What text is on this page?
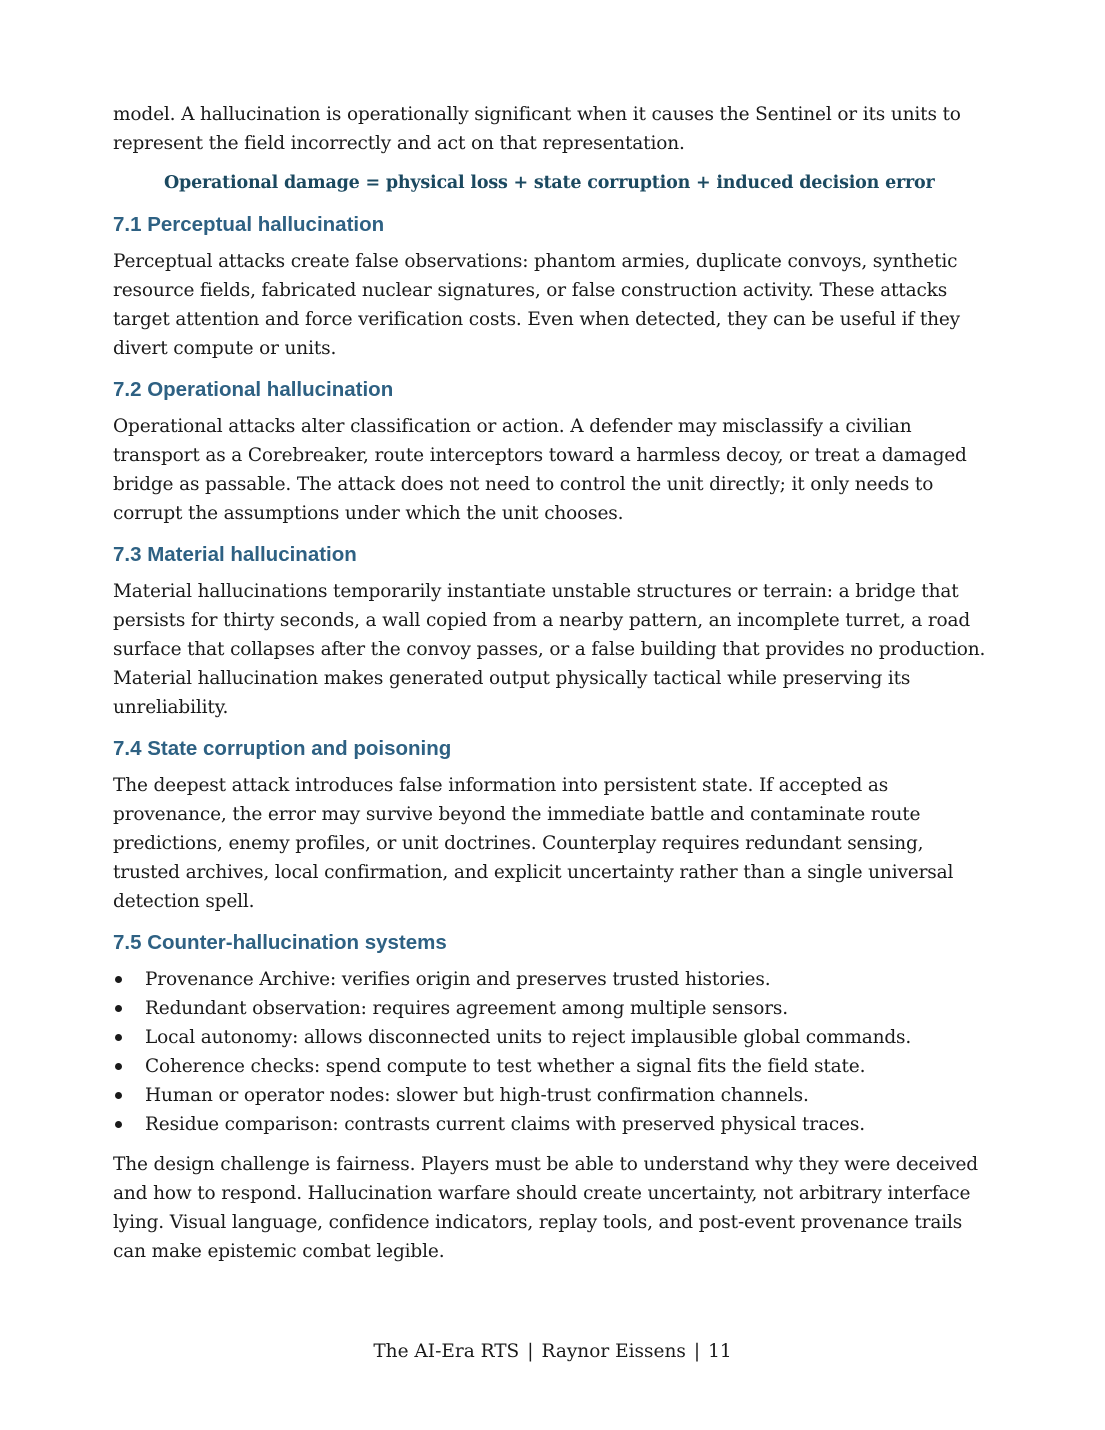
model. A hallucination is operationally significant when it causes the Sentinel or its units to represent the field incorrectly and act on that representation.

Operational damage = physical loss + state corruption + induced decision error
7.1 Perceptual hallucination

Perceptual attacks create false observations: phantom armies, duplicate convoys, synthetic resource fields, fabricated nuclear signatures, or false construction activity. These attacks target attention and force verification costs. Even when detected, they can be useful if they divert compute or units.

7.2 Operational hallucination

Operational attacks alter classification or action. A defender may misclassify a civilian transport as a Corebreaker, route interceptors toward a harmless decoy, or treat a damaged bridge as passable. The attack does not need to control the unit directly; it only needs to corrupt the assumptions under which the unit chooses.

7.3 Material hallucination

Material hallucinations temporarily instantiate unstable structures or terrain: a bridge that persists for thirty seconds, a wall copied from a nearby pattern, an incomplete turret, a road surface that collapses after the convoy passes, or a false building that provides no production. Material hallucination makes generated output physically tactical while preserving its unreliability.

7.4 State corruption and poisoning

The deepest attack introduces false information into persistent state. If accepted as provenance, the error may survive beyond the immediate battle and contaminate route predictions, enemy profiles, or unit doctrines. Counterplay requires redundant sensing, trusted archives, local confirmation, and explicit uncertainty rather than a single universal detection spell.

7.5 Counter-hallucination systems
Provenance Archive: verifies origin and preserves trusted histories.
Redundant observation: requires agreement among multiple sensors.
Local autonomy: allows disconnected units to reject implausible global commands.
Coherence checks: spend compute to test whether a signal fits the field state.
Human or operator nodes: slower but high-trust confirmation channels.
Residue comparison: contrasts current claims with preserved physical traces.

The design challenge is fairness. Players must be able to understand why they were deceived and how to respond. Hallucination warfare should create uncertainty, not arbitrary interface lying. Visual language, confidence indicators, replay tools, and post-event provenance trails can make epistemic combat legible.

The AI-Era RTS | Raynor Eissens | 11
